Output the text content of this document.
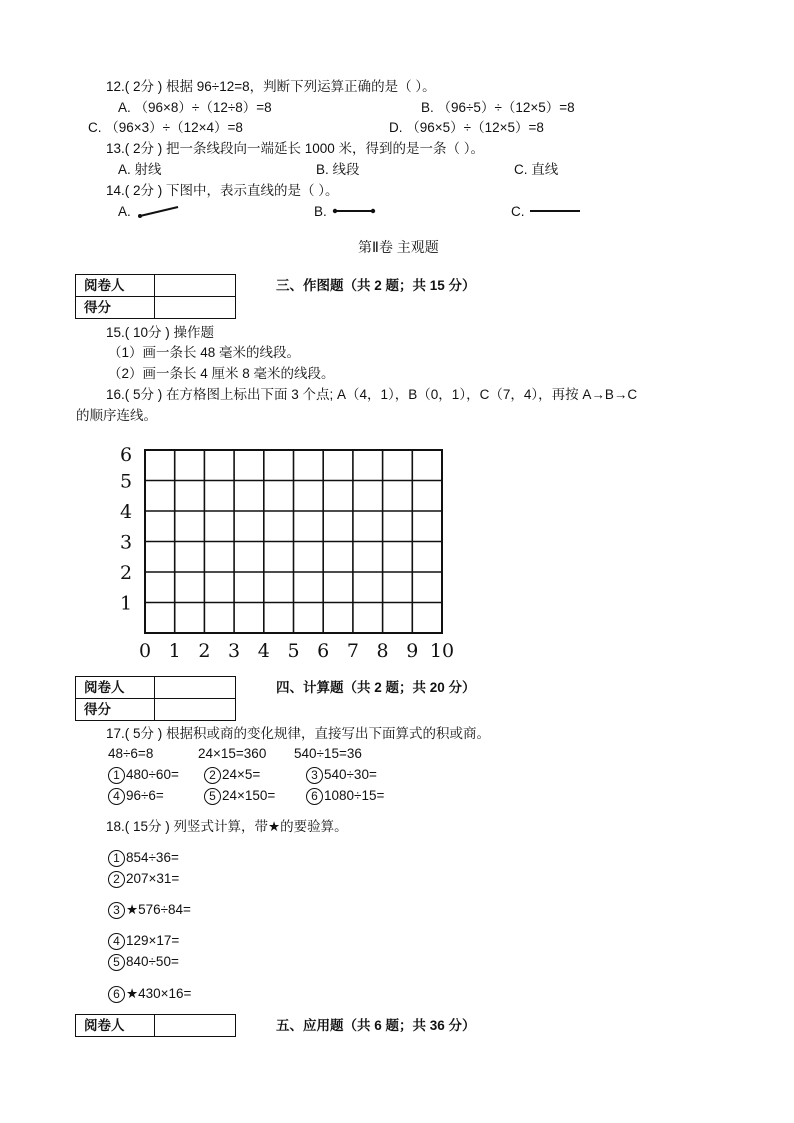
12.( 2分 ) 根据 96÷12=8，判断下列运算正确的是（ ）。
A. （96×8）÷（12÷8）=8	B. （96÷5）÷（12×5）=8
C. （96×3）÷（12×4）=8	D. （96×5）÷（12×5）=8
13.( 2分 ) 把一条线段向一端延长 1000 米，得到的是一条（ ）。
A. 射线	B. 线段	C. 直线
14.( 2分 ) 下图中，表示直线的是（ ）。
A.	B.	C.
第Ⅱ卷 主观题
阅卷人	
得分	
三、作图题（共 2 题；共 15 分）
15.( 10分 ) 操作题
（1）画一条长 48 毫米的线段。
（2）画一条长 4 厘米 8 毫米的线段。
16.( 5分 ) 在方格图上标出下面 3 个点; A（4，1），B（0，1），C（7，4），再按 A→B→C
的顺序连线。
0 1 2 3 4 5 6 7 8 9 10
1
2
3
4
5
6
阅卷人	
得分	
四、计算题（共 2 题；共 20 分）
17.( 5分 ) 根据积或商的变化规律，直接写出下面算式的积或商。
48÷6=8	24×15=360 540÷15=36
1 480÷60=	2 24×5=	3 540÷30=
4 96÷6=	5 24×150=	6 1080÷15=
18.( 15分 ) 列竖式计算，带★的要验算。
1 854÷36=
2 207×31=
3 ★576÷84=
4 129×17=
5 840÷50=
6 ★430×16=
阅卷人		五、应用题（共 6 题；共 36 分）
